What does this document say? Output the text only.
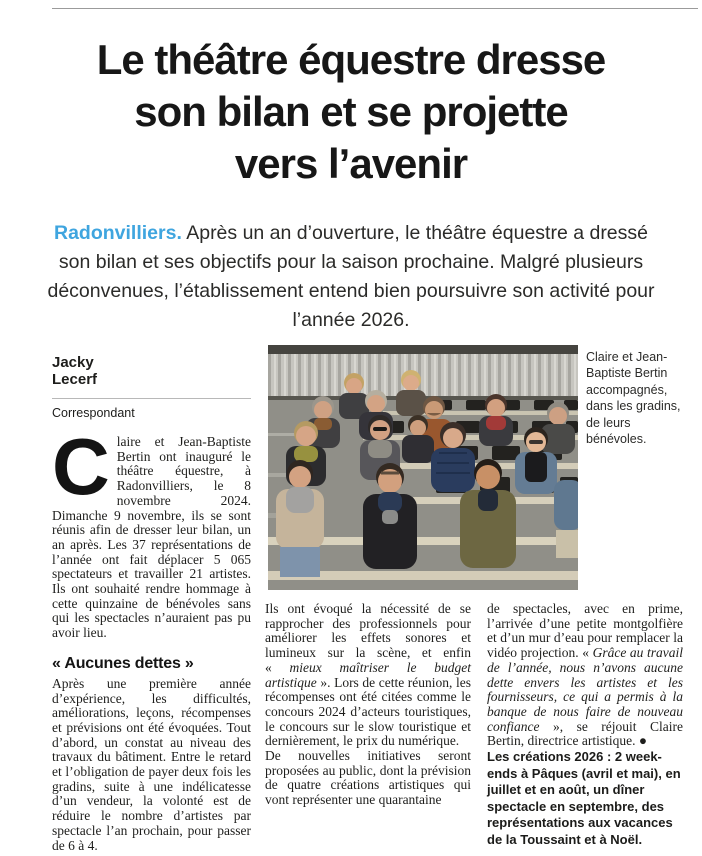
Le théâtre équestre dresse
son bilan et se projette
vers l’avenir
Radonvilliers. Après un an d’ouverture, le théâtre équestre a dressé son bilan et ses objectifs pour la saison prochaine. Malgré plusieurs déconvenues, l’établissement entend bien poursuivre son activité pour l’année 2026.
Jacky
Lecerf
Correspondant

Claire et Jean-Baptiste Bertin ont inauguré le théâtre équestre, à Radonvilliers, le 8 novembre 2024. Dimanche 9 novembre, ils se sont réunis afin de dresser leur bilan, un an après. Les 37 représentations de l’année ont fait déplacer 5 065 spectateurs et travailler 21 artistes. Ils ont souhaité rendre hommage à cette quinzaine de bénévoles sans qui les spectacles n’auraient pas pu avoir lieu.

« Aucunes dettes »

Après une première année d’expérience, les difficultés, améliorations, leçons, récompenses et prévisions ont été évoquées. Tout d’abord, un constat au niveau des travaux du bâtiment. Entre le retard et l’obligation de payer deux fois les gradins, suite à une indélicatesse d’un vendeur, la volonté est de réduire le nombre d’artistes par spectacle l’an prochain, pour passer de 6 à 4.

Claire et Jean-Baptiste Bertin accompagnés, dans les gradins, de leurs bénévoles.

Ils ont évoqué la nécessité de se rapprocher des professionnels pour améliorer les effets sonores et lumineux sur la scène, et enfin « mieux maîtriser le budget artistique ». Lors de cette réunion, les récompenses ont été citées comme le concours 2024 d’acteurs touristiques, le concours sur le slow touristique et dernièrement, le prix du numérique.

De nouvelles initiatives seront proposées au public, dont la prévision de quatre créations artistiques qui vont représenter une quarantaine

de spectacles, avec en prime, l’arrivée d’une petite montgolfière et d’un mur d’eau pour remplacer la vidéo projection. « Grâce au travail de l’année, nous n’avons aucune dette envers les artistes et les fournisseurs, ce qui a permis à la banque de nous faire de nouveau confiance », se réjouit Claire Bertin, directrice artistique. ●

Les créations 2026 : 2 week-ends à Pâques (avril et mai), en juillet et en août, un dîner spectacle en septembre, des représentations aux vacances de la Toussaint et à Noël.
